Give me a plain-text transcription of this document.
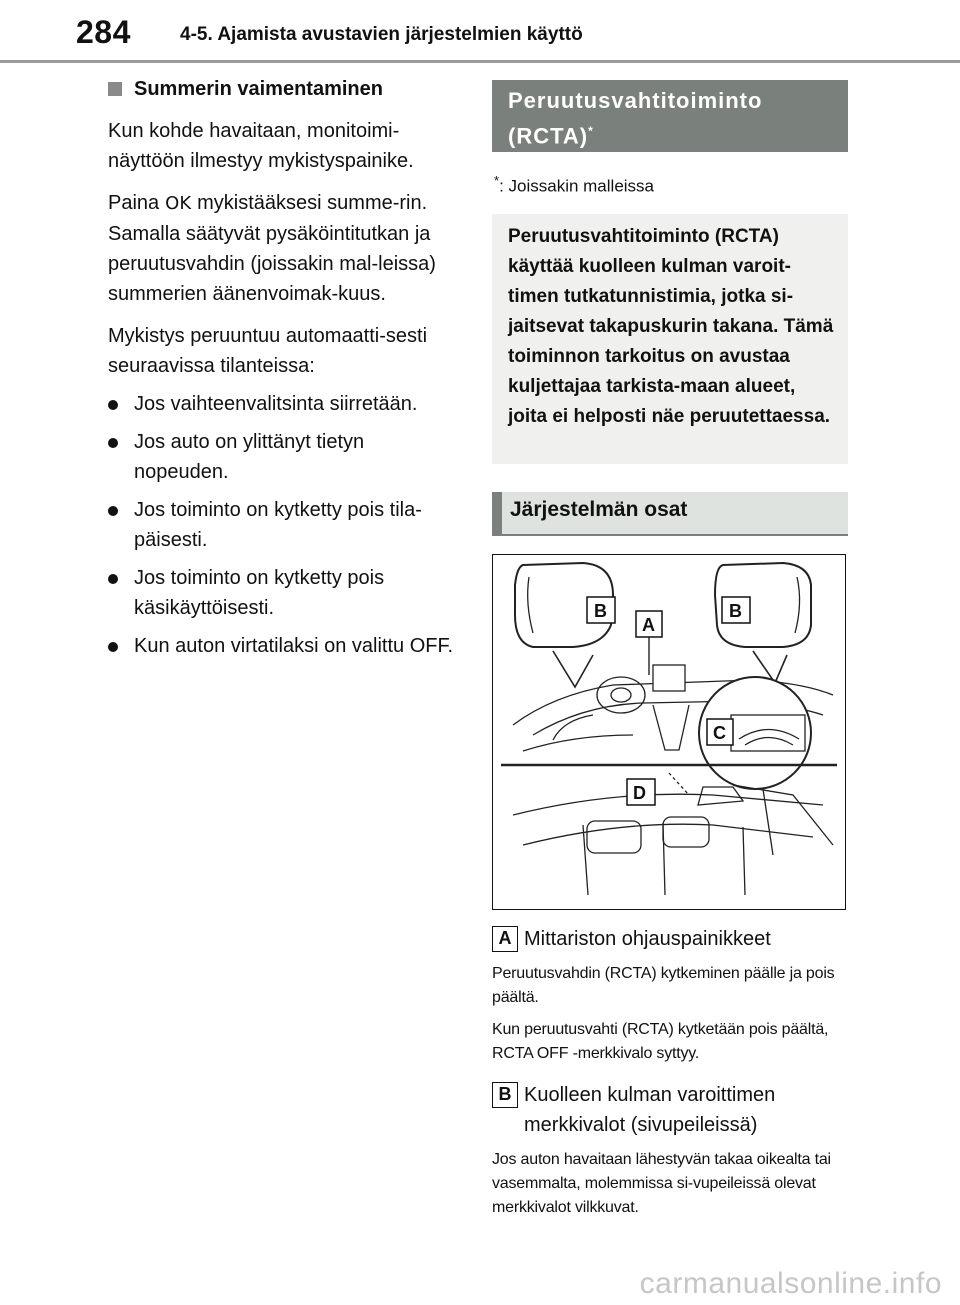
284	4-5. Ajamista avustavien järjestelmien käyttö
Summerin vaimentaminen
Kun kohde havaitaan, monitoimi-näyttöön ilmestyy mykistyspainike.
Paina OK mykistääksesi summe-rin.
Samalla säätyvät pysäköintitutkan ja peruutusvahdin (joissakin mal-leissa) summerien äänenvoimak-kuus.
Mykistys peruuntuu automaatti-sesti seuraavissa tilanteissa:
Jos vaihteenvalitsinta siirretään.
Jos auto on ylittänyt tietyn nopeuden.
Jos toiminto on kytketty pois tila-päisesti.
Jos toiminto on kytketty pois käsikäyttöisesti.
Kun auton virtatilaksi on valittu OFF.
Peruutusvahtitoiminto
(RCTA)*
*: Joissakin malleissa
Peruutusvahtitoiminto (RCTA) käyttää kuolleen kulman varoit-timen tutkatunnistimia, jotka si-jaitsevat takapuskurin takana. Tämä toiminnon tarkoitus on avustaa kuljettajaa tarkista-maan alueet, joita ei helposti näe peruutettaessa.
Järjestelmän osat
B
A
B
C
D
A Mittariston ohjauspainikkeet
Peruutusvahdin (RCTA) kytkeminen päälle ja pois päältä.
Kun peruutusvahti (RCTA) kytketään pois päältä, RCTA OFF -merkkivalo syttyy.
B Kuolleen kulman varoittimen merkkivalot (sivupeileissä)
Jos auton havaitaan lähestyvän takaa oikealta tai vasemmalta, molemmissa si-vupeileissä olevat merkkivalot vilkkuvat.
carmanualsonline.info
